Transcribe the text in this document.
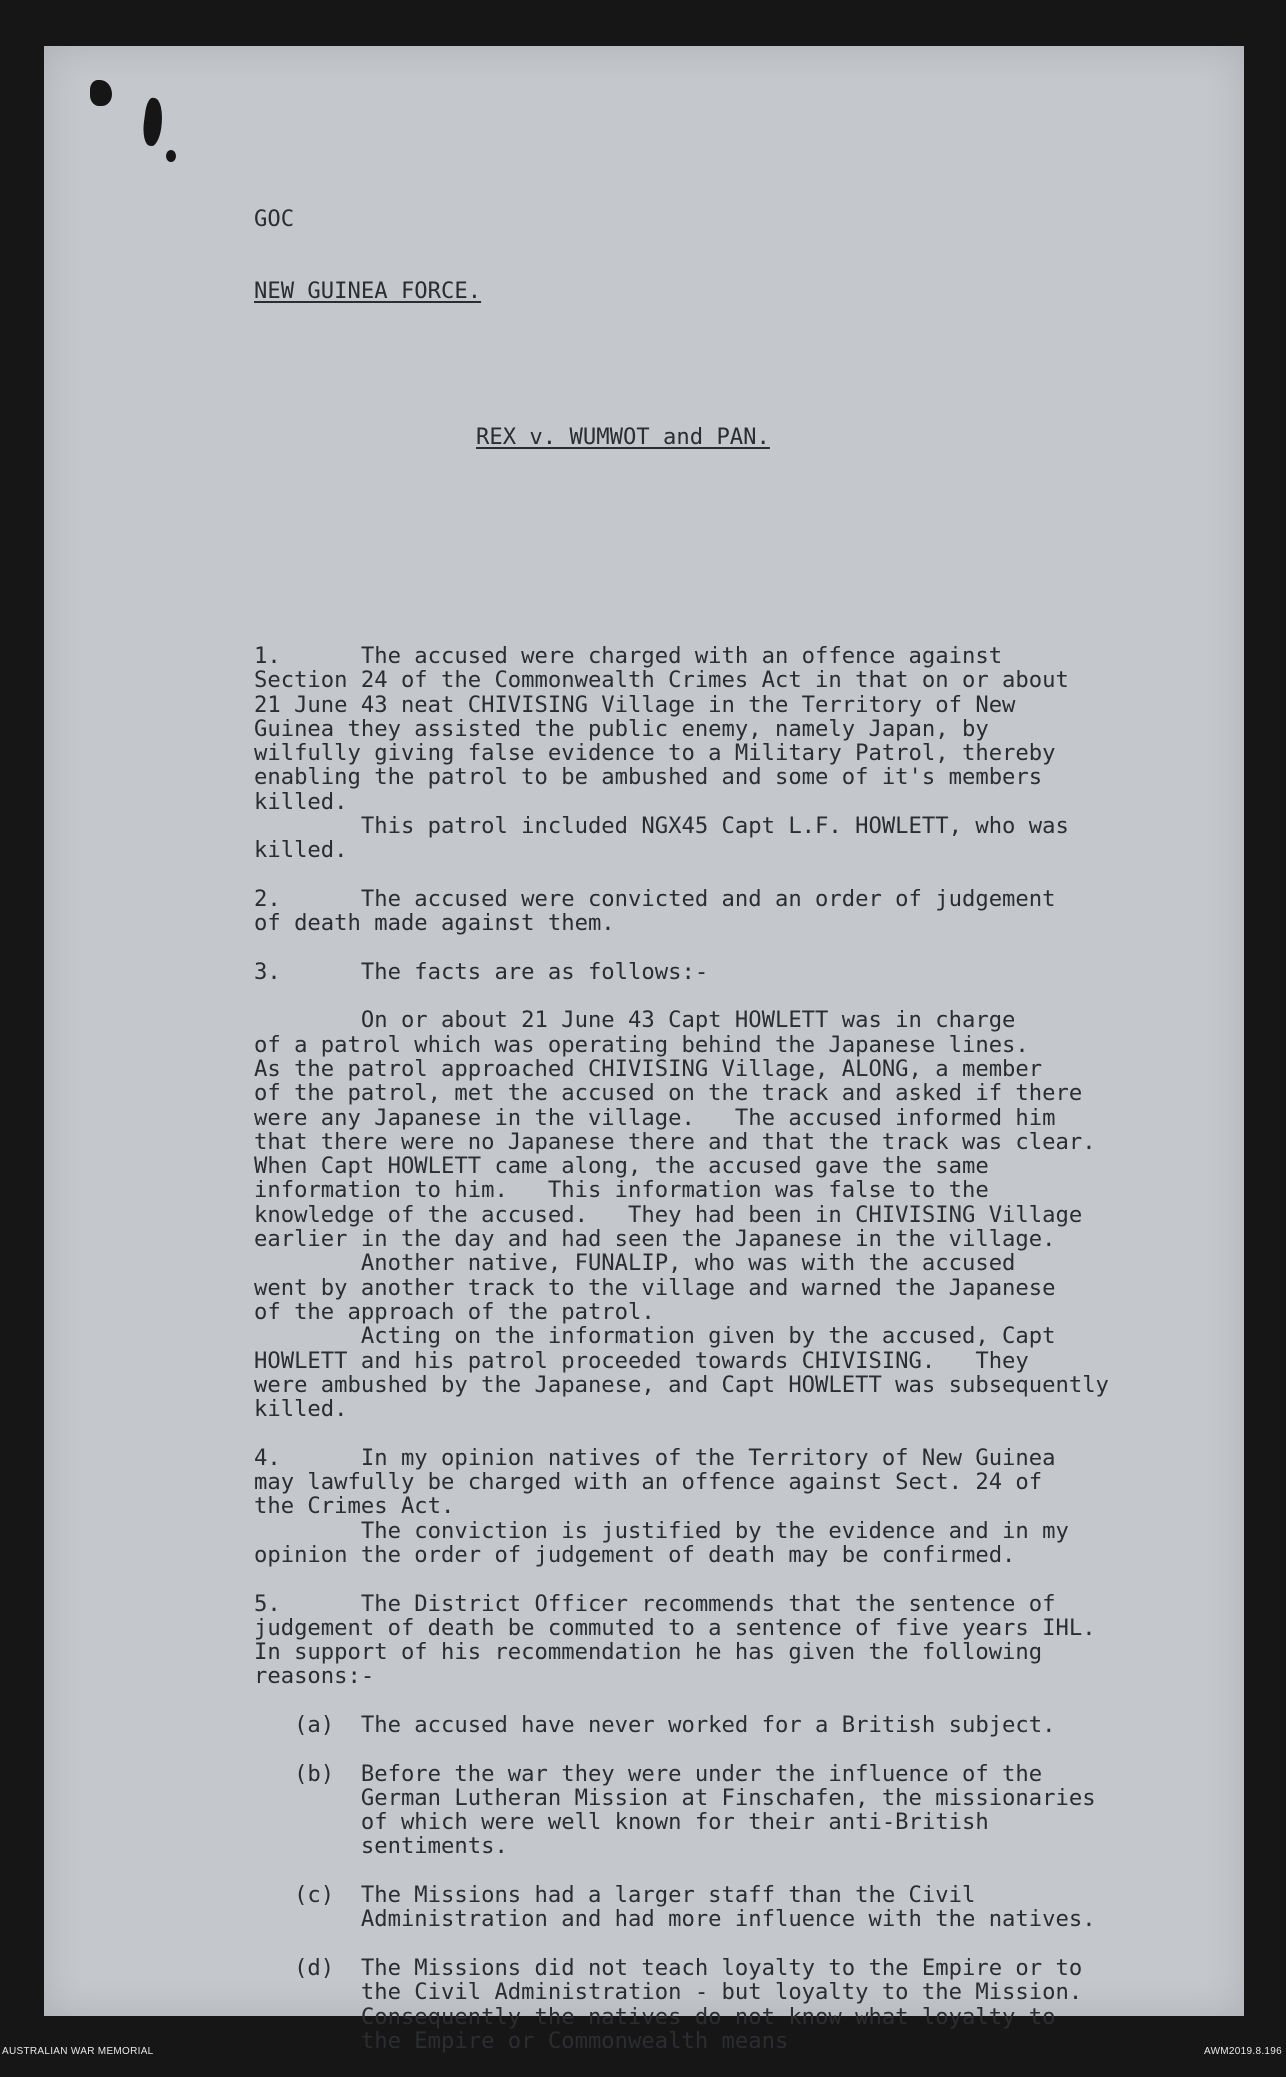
GOC

NEW GUINEA FORCE.

REX v. WUMWOT and PAN.

1.      The accused were charged with an offence against
Section 24 of the Commonwealth Crimes Act in that on or about
21 June 43 neat CHIVISING Village in the Territory of New
Guinea they assisted the public enemy, namely Japan, by
wilfully giving false evidence to a Military Patrol, thereby
enabling the patrol to be ambushed and some of it's members
killed.
This patrol included NGX45 Capt L.F. HOWLETT, who was
killed.
2.      The accused were convicted and an order of judgement
of death made against them.
3.      The facts are as follows:-
On or about 21 June 43 Capt HOWLETT was in charge
of a patrol which was operating behind the Japanese lines.
As the patrol approached CHIVISING Village, ALONG, a member
of the patrol, met the accused on the track and asked if there
were any Japanese in the village.   The accused informed him
that there were no Japanese there and that the track was clear.
When Capt HOWLETT came along, the accused gave the same
information to him.   This information was false to the
knowledge of the accused.   They had been in CHIVISING Village
earlier in the day and had seen the Japanese in the village.
Another native, FUNALIP, who was with the accused
went by another track to the village and warned the Japanese
of the approach of the patrol.
Acting on the information given by the accused, Capt
HOWLETT and his patrol proceeded towards CHIVISING.   They
were ambushed by the Japanese, and Capt HOWLETT was subsequently
killed.
4.      In my opinion natives of the Territory of New Guinea
may lawfully be charged with an offence against Sect. 24 of
the Crimes Act.
The conviction is justified by the evidence and in my
opinion the order of judgement of death may be confirmed.
5.      The District Officer recommends that the sentence of
judgement of death be commuted to a sentence of five years IHL.
In support of his recommendation he has given the following
reasons:-
(a)  The accused have never worked for a British subject.
(b)  Before the war they were under the influence of the
German Lutheran Mission at Finschafen, the missionaries
of which were well known for their anti-British
sentiments.
(c)  The Missions had a larger staff than the Civil
Administration and had more influence with the natives.
(d)  The Missions did not teach loyalty to the Empire or to
the Civil Administration - but loyalty to the Mission.
Consequently the natives do not know what loyalty to
the Empire or Commonwealth means

AUSTRALIAN WAR MEMORIAL	AWM2019.8.196
